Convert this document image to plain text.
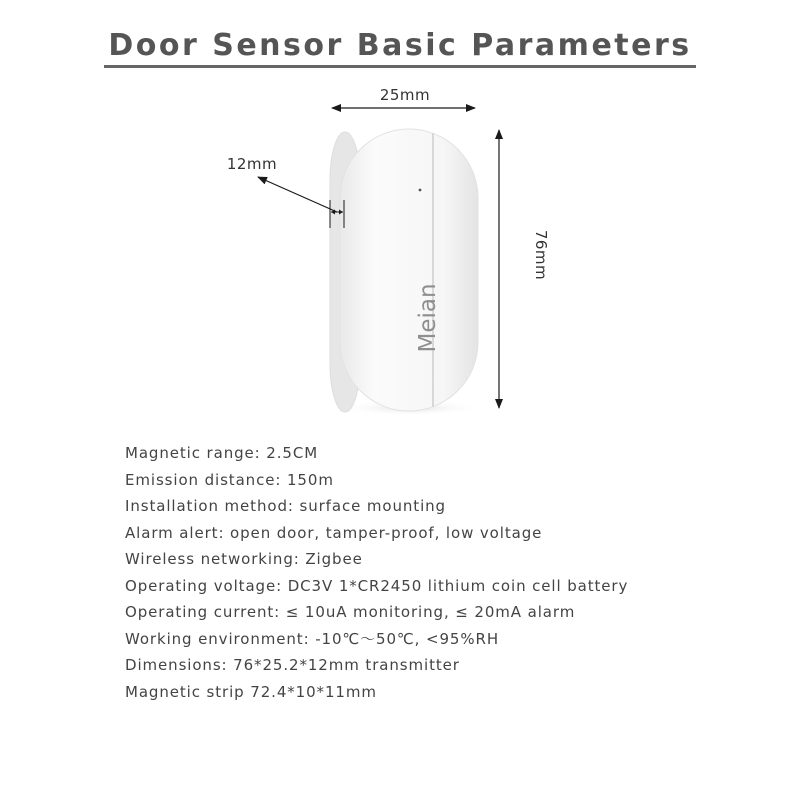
Door Sensor Basic Parameters
Meian
25mm
76mm
12mm
Magnetic range: 2.5CM
Emission distance: 150m
Installation method: surface mounting
Alarm alert: open door, tamper-proof, low voltage
Wireless networking: Zigbee
Operating voltage: DC3V 1*CR2450 lithium coin cell battery
Operating current: ≤ 10uA monitoring, ≤ 20mA alarm
Working environment: -10℃～50℃, <95%RH
Dimensions: 76*25.2*12mm transmitter
Magnetic strip 72.4*10*11mm
